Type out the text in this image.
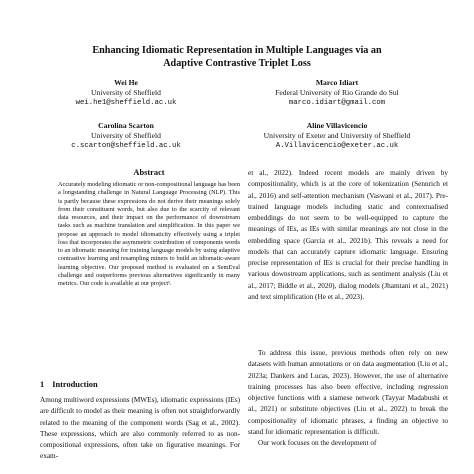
Enhancing Idiomatic Representation in Multiple Languages via an
Adaptive Contrastive Triplet Loss
Wei He
University of Sheffield
wei.he1@sheffield.ac.uk
Marco Idiart
Federal University of Rio Grande do Sul
marco.idiart@gmail.com
Carolina Scarton
University of Sheffield
c.scarton@sheffield.ac.uk
Aline Villavicencio
University of Exeter and University of Sheffield
A.Villavicencio@exeter.ac.uk
Abstract

Accurately modeling idiomatic or non-compositional language has been a longstanding challenge in Natural Language Processing (NLP). This is partly because these expressions do not derive their meanings solely from their constituent words, but also due to the scarcity of relevant data resources, and their impact on the performance of downstream tasks such as machine translation and simplification. In this paper we propose an approach to model idiomaticity effectively using a triplet loss that incorporates the asymmetric contribution of components words to an idiomatic meaning for training language models by using adaptive contrastive learning and resampling miners to build an idiomatic-aware learning objective. Our proposed method is evaluated on a SemEval challenge and outperforms previous alternatives significantly in many metrics. Our code is available at our project¹.

1 Introduction

Among multiword expressions (MWEs), idiomatic expressions (IEs) are difficult to model as their meaning is often not straightforwardly related to the meaning of the component words (Sag et al., 2002). These expressions, which are also commonly referred to as non-compositional expressions, often take on figurative meanings. For exam-

et al., 2022). Indeed recent models are mainly driven by compositionality, which is at the core of tokenization (Sennrich et al., 2016) and self-attention mechanism (Vaswani et al., 2017). Pre-trained language models including static and contextualised embeddings do not seem to be well-equipped to capture the meanings of IEs, as IEs with similar meanings are not close in the embedding space (Garcia et al., 2021b). This reveals a need for models that can accurately capture idiomatic language. Ensuring precise representation of IEs is crucial for their precise handling in various downstream applications, such as sentiment analysis (Liu et al., 2017; Biddle et al., 2020), dialog models (Jhamtani et al., 2021) and text simplification (He et al., 2023).

To address this issue, previous methods often rely on new datasets with human annotations or on data augmentation (Liu et al., 2023a; Dankers and Lucas, 2023). However, the use of alternative training processes has also been effective, including regression objective functions with a siamese network (Tayyar Madabushi et al., 2021) or substitute objectives (Liu et al., 2022) to break the compositionality of idiomatic phrases, a finding an objective to stand for idiomatic representation is difficult.
Our work focuses on the development of
